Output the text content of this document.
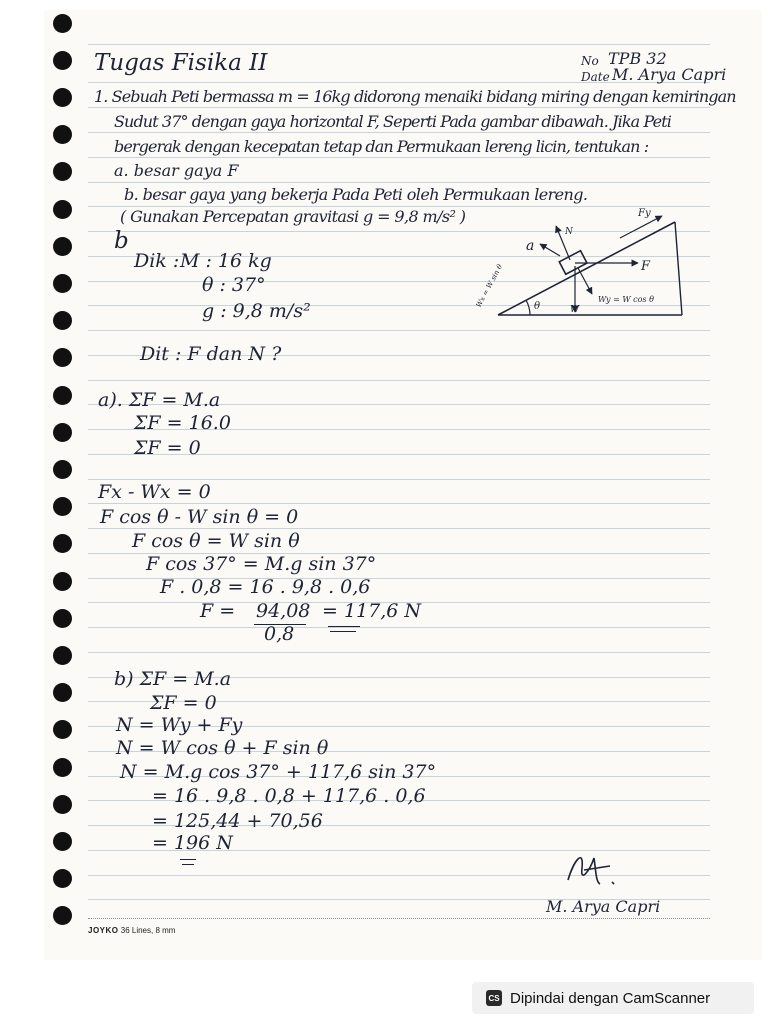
Tugas Fisika II	No TPB 32
Date M. Arya Capri
1. Sebuah Peti bermassa m = 16kg didorong menaiki bidang miring dengan kemiringan
Sudut 37° dengan gaya horizontal F, Seperti Pada gambar dibawah. Jika Peti
bergerak dengan kecepatan tetap dan Permukaan lereng licin, tentukan :
a. besar gaya F
b. besar gaya yang bekerja Pada Peti oleh Permukaan lereng.
( Gunakan Percepatan gravitasi g = 9,8 m/s² )	Fy
a
N
F
Wx = W sin θ	θ	W
Wy = W cos θ
b
Dik : M : 16 kg
θ : 37°
g : 9,8 m/s²
Dit : F dan N ?
a). ΣF = M.a
ΣF = 16.0
ΣF = 0
Fx - Wx = 0
F cos θ - W sin θ = 0
F cos θ = W sin θ
F cos 37° = M.g sin 37°
F . 0,8 = 16 . 9,8 . 0,6
F = 94,08
0,8
= 117,6 N
b) ΣF = M.a
ΣF = 0
N = Wy + Fy
N = W cos θ + F sin θ
N = M.g cos 37° + 117,6 sin 37°
= 16 . 9,8 . 0,8 + 117,6 . 0,6
= 125,44 + 70,56
= 196 N
M. Arya Capri
JOYKO 36 Lines, 8 mm
CS Dipindai dengan CamScanner
